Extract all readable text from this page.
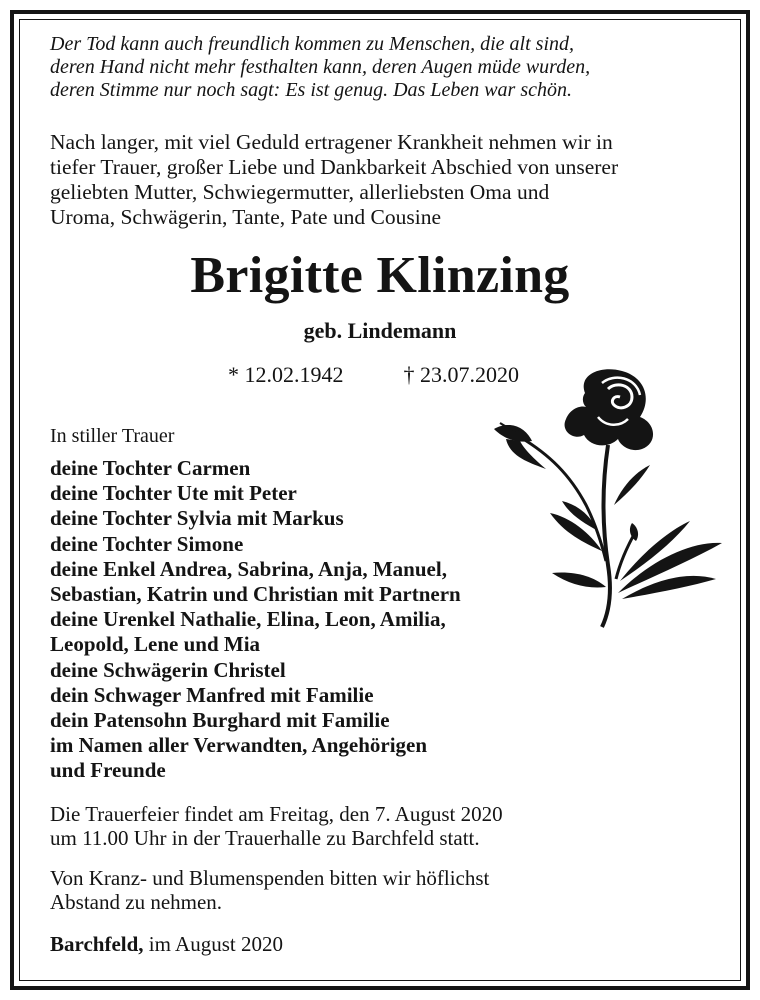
Der Tod kann auch freundlich kommen zu Menschen, die alt sind,
deren Hand nicht mehr festhalten kann, deren Augen müde wurden,
deren Stimme nur noch sagt: Es ist genug. Das Leben war schön.
Nach langer, mit viel Geduld ertragener Krankheit nehmen wir in
tiefer Trauer, großer Liebe und Dankbarkeit Abschied von unserer
geliebten Mutter, Schwiegermutter, allerliebsten Oma und
Uroma, Schwägerin, Tante, Pate und Cousine
Brigitte Klinzing
geb. Lindemann
* 12.02.1942	† 23.07.2020
In stiller Trauer
deine Tochter Carmen
deine Tochter Ute mit Peter
deine Tochter Sylvia mit Markus
deine Tochter Simone
deine Enkel Andrea, Sabrina, Anja, Manuel,
Sebastian, Katrin und Christian mit Partnern
deine Urenkel Nathalie, Elina, Leon, Amilia,
Leopold, Lene und Mia
deine Schwägerin Christel
dein Schwager Manfred mit Familie
dein Patensohn Burghard mit Familie
im Namen aller Verwandten, Angehörigen
und Freunde
Die Trauerfeier findet am Freitag, den 7. August 2020
um 11.00 Uhr in der Trauerhalle zu Barchfeld statt.
Von Kranz- und Blumenspenden bitten wir höflichst
Abstand zu nehmen.
Barchfeld, im August 2020
